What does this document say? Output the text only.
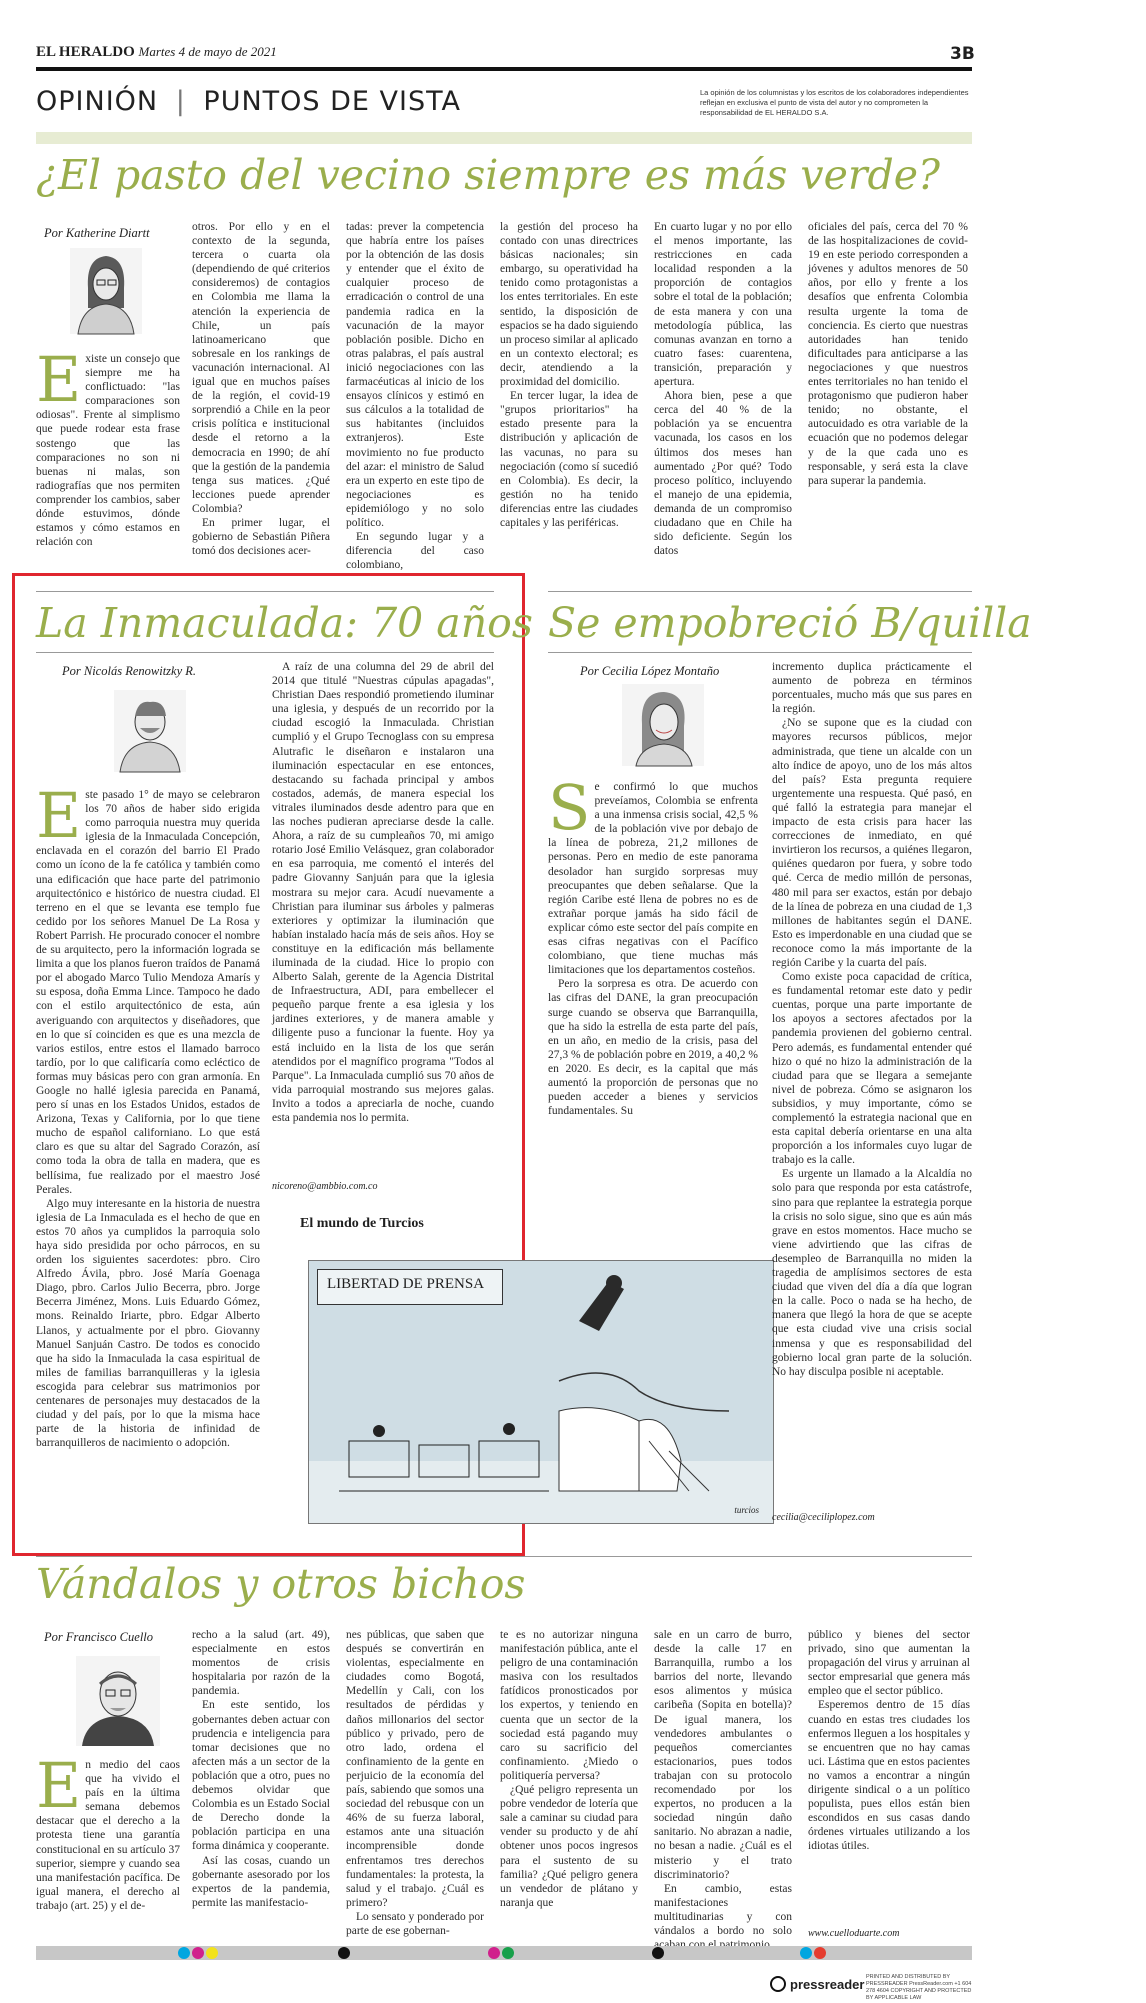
EL HERALDO Martes 4 de mayo de 2021	3B
OPINIÓN | PUNTOS DE VISTA	La opinión de los columnistas y los escritos de los colaboradores independientes reflejan en exclusiva el punto de vista del autor y no comprometen la responsabilidad de EL HERALDO S.A.
¿El pasto del vecino siempre es más verde?
Por Katherine Diartt
E xiste un consejo que siempre me ha conflictuado: "las comparaciones son odiosas". Frente al simplismo que puede rodear esta frase sostengo que las comparaciones no son ni buenas ni malas, son radiografías que nos permiten comprender los cambios, saber dónde estuvimos, dónde estamos y cómo estamos en relación con

otros. Por ello y en el contexto de la segunda, tercera o cuarta ola (dependiendo de qué criterios consideremos) de contagios en Colombia me llama la atención la experiencia de Chile, un país latinoamericano que sobresale en los rankings de vacunación internacional. Al igual que en muchos países de la región, el covid-19 sorprendió a Chile en la peor crisis política e institucional desde el retorno a la democracia en 1990; de ahí que la gestión de la pandemia tenga sus matices. ¿Qué lecciones puede aprender Colombia?

En primer lugar, el gobierno de Sebastián Piñera tomó dos decisiones acer-

tadas: prever la competencia que habría entre los países por la obtención de las dosis y entender que el éxito de cualquier proceso de erradicación o control de una pandemia radica en la vacunación de la mayor población posible. Dicho en otras palabras, el país austral inició negociaciones con las farmacéuticas al inicio de los ensayos clínicos y estimó en sus cálculos a la totalidad de sus habitantes (incluidos extranjeros). Este movimiento no fue producto del azar: el ministro de Salud era un experto en este tipo de negociaciones es epidemiólogo y no solo político.

En segundo lugar y a diferencia del caso colombiano,

la gestión del proceso ha contado con unas directrices básicas nacionales; sin embargo, su operatividad ha tenido como protagonistas a los entes territoriales. En este sentido, la disposición de espacios se ha dado siguiendo un proceso similar al aplicado en un contexto electoral; es decir, atendiendo a la proximidad del domicilio.

En tercer lugar, la idea de "grupos prioritarios" ha estado presente para la distribución y aplicación de las vacunas, no para su negociación (como sí sucedió en Colombia). Es decir, la gestión no ha tenido diferencias entre las ciudades capitales y las periféricas.

En cuarto lugar y no por ello el menos importante, las restricciones en cada localidad responden a la proporción de contagios sobre el total de la población; de esta manera y con una metodología pública, las comunas avanzan en torno a cuatro fases: cuarentena, transición, preparación y apertura.

Ahora bien, pese a que cerca del 40 % de la población ya se encuentra vacunada, los casos en los últimos dos meses han aumentado ¿Por qué? Todo proceso político, incluyendo el manejo de una epidemia, demanda de un compromiso ciudadano que en Chile ha sido deficiente. Según los datos

oficiales del país, cerca del 70 % de las hospitalizaciones de covid-19 en este periodo corresponden a jóvenes y adultos menores de 50 años, por ello y frente a los desafíos que enfrenta Colombia resulta urgente la toma de conciencia. Es cierto que nuestras autoridades han tenido dificultades para anticiparse a las negociaciones y que nuestros entes territoriales no han tenido el protagonismo que pudieron haber tenido; no obstante, el autocuidado es otra variable de la ecuación que no podemos delegar y de la que cada uno es responsable, y será esta la clave para superar la pandemia.

La Inmaculada: 70 años
Por Nicolás Renowitzky R.
E ste pasado 1° de mayo se celebraron los 70 años de haber sido erigida como parroquia nuestra muy querida iglesia de la Inmaculada Concepción, enclavada en el corazón del barrio El Prado como un ícono de la fe católica y también como una edificación que hace parte del patrimonio arquitectónico e histórico de nuestra ciudad. El terreno en el que se levanta ese templo fue cedido por los señores Manuel De La Rosa y Robert Parrish. He procurado conocer el nombre de su arquitecto, pero la información lograda se limita a que los planos fueron traídos de Panamá por el abogado Marco Tulio Mendoza Amarís y su esposa, doña Emma Lince. Tampoco he dado con el estilo arquitectónico de esta, aún averiguando con arquitectos y diseñadores, que en lo que sí coinciden es que es una mezcla de varios estilos, entre estos el llamado barroco tardío, por lo que calificaría como ecléctico de formas muy básicas pero con gran armonía. En Google no hallé iglesia parecida en Panamá, pero sí unas en los Estados Unidos, estados de Arizona, Texas y California, por lo que tiene mucho de español californiano. Lo que está claro es que su altar del Sagrado Corazón, así como toda la obra de talla en madera, que es bellísima, fue realizado por el maestro José Perales.

Algo muy interesante en la historia de nuestra iglesia de La Inmaculada es el hecho de que en estos 70 años ya cumplidos la parroquia solo haya sido presidida por ocho párrocos, en su orden los siguientes sacerdotes: pbro. Ciro Alfredo Ávila, pbro. José María Goenaga Diago, pbro. Carlos Julio Becerra, pbro. Jorge Becerra Jiménez, Mons. Luis Eduardo Gómez, mons. Reinaldo Iriarte, pbro. Edgar Alberto Llanos, y actualmente por el pbro. Giovanny Manuel Sanjuán Castro. De todos es conocido que ha sido la Inmaculada la casa espiritual de miles de familias barranquilleras y la iglesia escogida para celebrar sus matrimonios por centenares de personajes muy destacados de la ciudad y del país, por lo que la misma hace parte de la historia de infinidad de barranquilleros de nacimiento o adopción.

A raíz de una columna del 29 de abril del 2014 que titulé "Nuestras cúpulas apagadas", Christian Daes respondió prometiendo iluminar una iglesia, y después de un recorrido por la ciudad escogió la Inmaculada. Christian cumplió y el Grupo Tecnoglass con su empresa Alutrafic le diseñaron e instalaron una iluminación espectacular en ese entonces, destacando su fachada principal y ambos costados, además, de manera especial los vitrales iluminados desde adentro para que en las noches pudieran apreciarse desde la calle. Ahora, a raíz de su cumpleaños 70, mi amigo rotario José Emilio Velásquez, gran colaborador en esa parroquia, me comentó el interés del padre Giovanny Sanjuán para que la iglesia mostrara su mejor cara. Acudí nuevamente a Christian para iluminar sus árboles y palmeras exteriores y optimizar la iluminación que habían instalado hacía más de seis años. Hoy se constituye en la edificación más bellamente iluminada de la ciudad. Hice lo propio con Alberto Salah, gerente de la Agencia Distrital de Infraestructura, ADI, para embellecer el pequeño parque frente a esa iglesia y los jardines exteriores, y de manera amable y diligente puso a funcionar la fuente. Hoy ya está incluido en la lista de los que serán atendidos por el magnífico programa "Todos al Parque". La Inmaculada cumplió sus 70 años de vida parroquial mostrando sus mejores galas. Invito a todos a apreciarla de noche, cuando esta pandemia nos lo permita.

nicoreno@ambbio.com.co
El mundo de Turcios
LIBERTAD DE PRENSA
turcios
Se empobreció B/quilla
Por Cecilia López Montaño
S e confirmó lo que muchos preveíamos, Colombia se enfrenta a una inmensa crisis social, 42,5 % de la población vive por debajo de la línea de pobreza, 21,2 millones de personas. Pero en medio de este panorama desolador han surgido sorpresas muy preocupantes que deben señalarse. Que la región Caribe esté llena de pobres no es de extrañar porque jamás ha sido fácil de explicar cómo este sector del país compite en esas cifras negativas con el Pacífico colombiano, que tiene muchas más limitaciones que los departamentos costeños.

Pero la sorpresa es otra. De acuerdo con las cifras del DANE, la gran preocupación surge cuando se observa que Barranquilla, que ha sido la estrella de esta parte del país, en un año, en medio de la crisis, pasa del 27,3 % de población pobre en 2019, a 40,2 % en 2020. Es decir, es la capital que más aumentó la proporción de personas que no pueden acceder a bienes y servicios fundamentales. Su

incremento duplica prácticamente el aumento de pobreza en términos porcentuales, mucho más que sus pares en la región.

¿No se supone que es la ciudad con mayores recursos públicos, mejor administrada, que tiene un alcalde con un alto índice de apoyo, uno de los más altos del país? Esta pregunta requiere urgentemente una respuesta. Qué pasó, en qué falló la estrategia para manejar el impacto de esta crisis para hacer las correcciones de inmediato, en qué invirtieron los recursos, a quiénes llegaron, quiénes quedaron por fuera, y sobre todo qué. Cerca de medio millón de personas, 480 mil para ser exactos, están por debajo de la línea de pobreza en una ciudad de 1,3 millones de habitantes según el DANE. Esto es imperdonable en una ciudad que se reconoce como la más importante de la región Caribe y la cuarta del país.

Como existe poca capacidad de crítica, es fundamental retomar este dato y pedir cuentas, porque una parte importante de los apoyos a sectores afectados por la pandemia provienen del gobierno central. Pero además, es fundamental entender qué hizo o qué no hizo la administración de la ciudad para que se llegara a semejante nivel de pobreza. Cómo se asignaron los subsidios, y muy importante, cómo se complementó la estrategia nacional que en esta capital debería orientarse en una alta proporción a los informales cuyo lugar de trabajo es la calle.

Es urgente un llamado a la Alcaldía no solo para que responda por esta catástrofe, sino para que replantee la estrategia porque la crisis no solo sigue, sino que es aún más grave en estos momentos. Hace mucho se viene advirtiendo que las cifras de desempleo de Barranquilla no miden la tragedia de amplísimos sectores de esta ciudad que viven del día a día que logran en la calle. Poco o nada se ha hecho, de manera que llegó la hora de que se acepte que esta ciudad vive una crisis social inmensa y que es responsabilidad del gobierno local gran parte de la solución. No hay disculpa posible ni aceptable.

cecilia@ceciliplopez.com
Vándalos y otros bichos
Por Francisco Cuello
E n medio del caos que ha vivido el país en la última semana debemos destacar que el derecho a la protesta tiene una garantía constitucional en su artículo 37 superior, siempre y cuando sea una manifestación pacífica. De igual manera, el derecho al trabajo (art. 25) y el de-

recho a la salud (art. 49), especialmente en estos momentos de crisis hospitalaria por razón de la pandemia.

En este sentido, los gobernantes deben actuar con prudencia e inteligencia para tomar decisiones que no afecten más a un sector de la población que a otro, pues no debemos olvidar que Colombia es un Estado Social de Derecho donde la población participa en una forma dinámica y cooperante.

Así las cosas, cuando un gobernante asesorado por los expertos de la pandemia, permite las manifestacio-

nes públicas, que saben que después se convertirán en violentas, especialmente en ciudades como Bogotá, Medellín y Cali, con los resultados de pérdidas y daños millonarios del sector público y privado, pero de otro lado, ordena el confinamiento de la gente en perjuicio de la economía del país, sabiendo que somos una sociedad del rebusque con un 46% de su fuerza laboral, estamos ante una situación incomprensible donde enfrentamos tres derechos fundamentales: la protesta, la salud y el trabajo. ¿Cuál es primero?

Lo sensato y ponderado por parte de ese gobernan-

te es no autorizar ninguna manifestación pública, ante el peligro de una contaminación masiva con los resultados fatídicos pronosticados por los expertos, y teniendo en cuenta que un sector de la sociedad está pagando muy caro su sacrificio del confinamiento. ¿Miedo o politiquería perversa?

¿Qué peligro representa un pobre vendedor de lotería que sale a caminar su ciudad para vender su producto y de ahí obtener unos pocos ingresos para el sustento de su familia? ¿Qué peligro genera un vendedor de plátano y naranja que

sale en un carro de burro, desde la calle 17 en Barranquilla, rumbo a los barrios del norte, llevando esos alimentos y música caribeña (Sopita en botella)? De igual manera, los vendedores ambulantes o pequeños comerciantes estacionarios, pues todos trabajan con su protocolo recomendado por los expertos, no producen a la sociedad ningún daño sanitario. No abrazan a nadie, no besan a nadie. ¿Cuál es el misterio y el trato discriminatorio?

En cambio, estas manifestaciones multitudinarias y con vándalos a bordo no solo

público y bienes del sector privado, sino que aumentan la propagación del virus y arruinan al sector empresarial que genera más empleo que el sector público.

Esperemos dentro de 15 días cuando en estas tres ciudades los enfermos lleguen a los hospitales y se encuentren que no hay camas uci. Lástima que en estos pacientes no vamos a encontrar a ningún dirigente sindical o a un político populista, pues ellos están bien escondidos en sus casas dando órdenes virtuales utilizando a los idiotas útiles.

www.cuelloduarte.com
pressreader PRINTED AND DISTRIBUTED BY PRESSREADER PressReader.com +1 604 278 4604 COPYRIGHT AND PROTECTED BY APPLICABLE LAW
